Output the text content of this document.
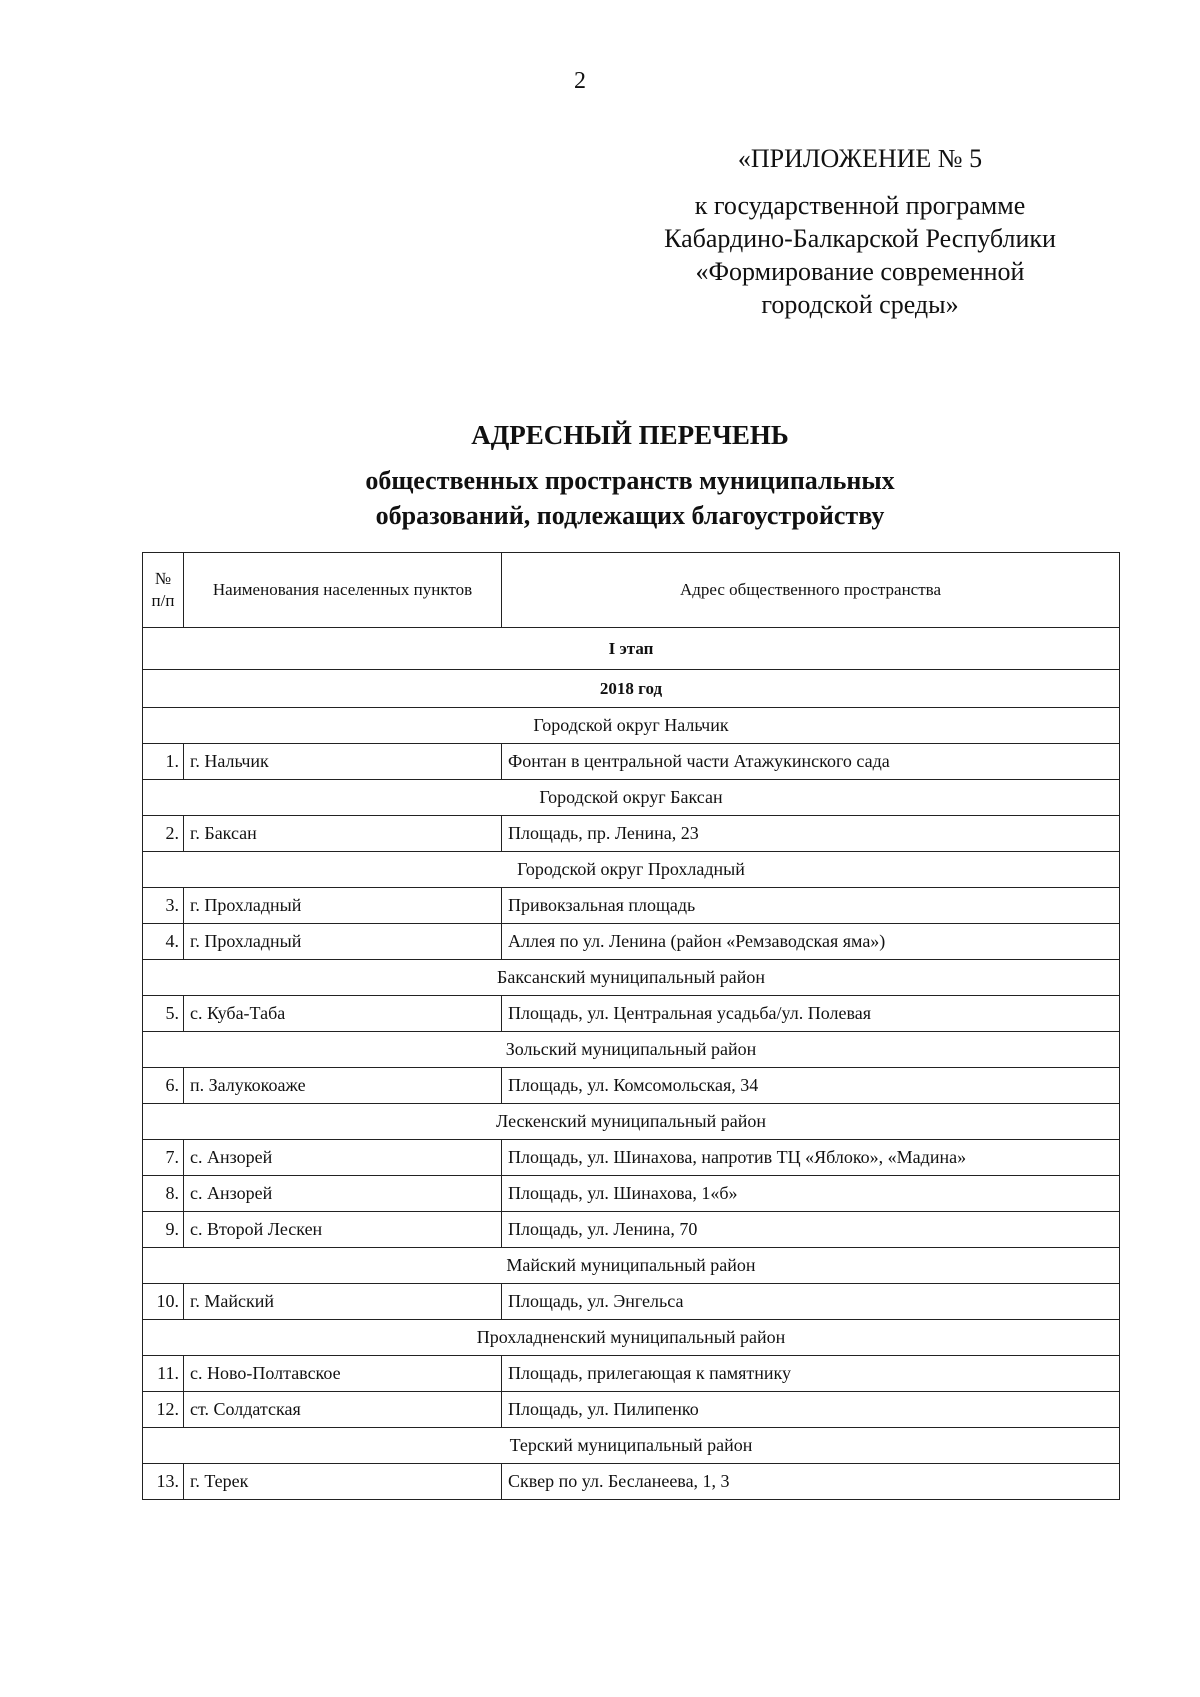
2
«ПРИЛОЖЕНИЕ № 5
к государственной программе
Кабардино-Балкарской Республики
«Формирование современной
городской среды»
АДРЕСНЫЙ ПЕРЕЧЕНЬ
общественных пространств муниципальных
образований, подлежащих благоустройству
№ п/п	Наименования населенных пунктов	Адрес общественного пространства
I этап		
2018 год		
Городской округ Нальчик		
1.	г. Нальчик	Фонтан в центральной части Атажукинского сада
Городской округ Баксан		
2.	г. Баксан	Площадь, пр. Ленина, 23
Городской округ Прохладный		
3.	г. Прохладный	Привокзальная площадь
4.	г. Прохладный	Аллея по ул. Ленина (район «Ремзаводская яма»)
Баксанский муниципальный район		
5.	с. Куба-Таба	Площадь, ул. Центральная усадьба/ул. Полевая
Зольский муниципальный район		
6.	п. Залукокоаже	Площадь, ул. Комсомольская, 34
Лескенский муниципальный район		
7.	с. Анзорей	Площадь, ул. Шинахова, напротив ТЦ «Яблоко», «Мадина»
8.	с. Анзорей	Площадь, ул. Шинахова, 1«б»
9.	с. Второй Лескен	Площадь, ул. Ленина, 70
Майский муниципальный район		
10.	г. Майский	Площадь, ул. Энгельса
Прохладненский муниципальный район		
11.	с. Ново-Полтавское	Площадь, прилегающая к памятнику
12.	ст. Солдатская	Площадь, ул. Пилипенко
Терский муниципальный район		
13.	г. Терек	Сквер по ул. Бесланеева, 1, 3
